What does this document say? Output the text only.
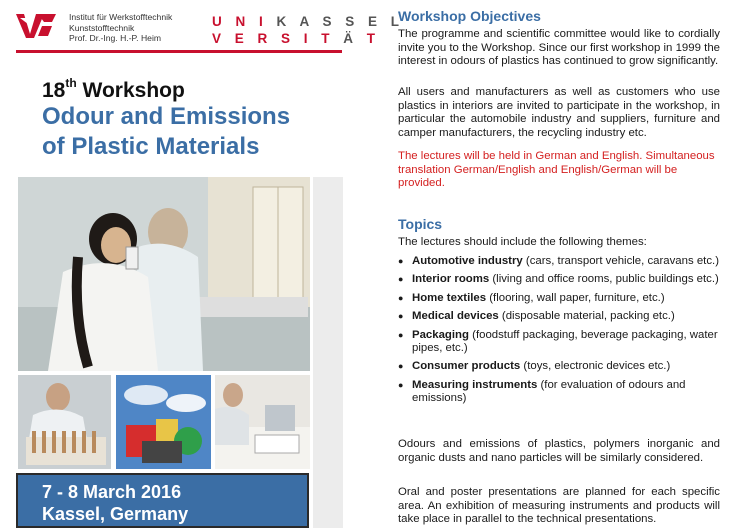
Institut für Werkstofftechnik
Kunststofftechnik
Prof. Dr.-Ing. H.-P. Heim
U N I K A S S E L
V E R S I T Ä T
18th Workshop
Odour and Emissions
of Plastic Materials
7 - 8 March 2016
Kassel, Germany
Workshop Objectives
The programme and scientific committee would like to cordially invite you to the Workshop. Since our first workshop in 1999 the interest in odours of plastics has continued to grow significantly.
All users and manufacturers as well as customers who use plastics in interiors are invited to participate in the workshop, in particular the automobile industry and suppliers, furniture and camper manufacturers, the recycling industry etc.
The lectures will be held in German and English. Simultaneous translation German/English and English/German will be provided.
Topics
The lectures should include the following themes:
● Automotive industry (cars, transport vehicle, caravans etc.)
● Interior rooms (living and office rooms, public buildings etc.)
● Home textiles (flooring, wall paper, furniture, etc.)
● Medical devices (disposable material, packing etc.)
● Packaging (foodstuff packaging, beverage packaging, water pipes, etc.)
● Consumer products (toys, electronic devices etc.)
● Measuring instruments (for evaluation of odours and emissions)
Odours and emissions of plastics, polymers inorganic and organic dusts and nano particles will be similarly considered.
Oral and poster presentations are planned for each specific area. An exhibition of measuring instruments and products will take place in parallel to the technical presentations.
